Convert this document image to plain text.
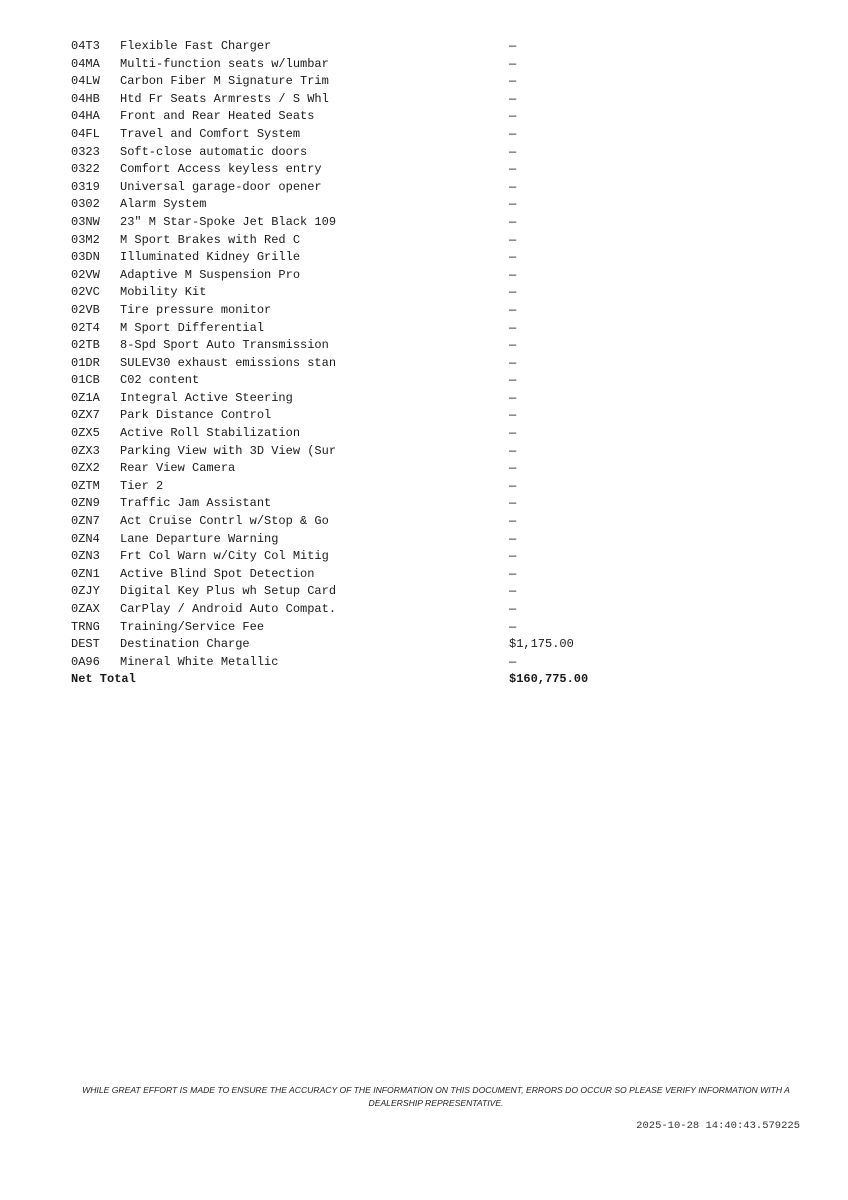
04T3	Flexible Fast Charger	—
04MA	Multi-function seats w/lumbar	—
04LW	Carbon Fiber M Signature Trim	—
04HB	Htd Fr Seats Armrests / S Whl	—
04HA	Front and Rear Heated Seats	—
04FL	Travel and Comfort System	—
0323	Soft-close automatic doors	—
0322	Comfort Access keyless entry	—
0319	Universal garage-door opener	—
0302	Alarm System	—
03NW	23" M Star-Spoke Jet Black 109	—
03M2	M Sport Brakes with Red C	—
03DN	Illuminated Kidney Grille	—
02VW	Adaptive M Suspension Pro	—
02VC	Mobility Kit	—
02VB	Tire pressure monitor	—
02T4	M Sport Differential	—
02TB	8-Spd Sport Auto Transmission	—
01DR	SULEV30 exhaust emissions stan	—
01CB	C02 content	—
0Z1A	Integral Active Steering	—
0ZX7	Park Distance Control	—
0ZX5	Active Roll Stabilization	—
0ZX3	Parking View with 3D View (Sur	—
0ZX2	Rear View Camera	—
0ZTM	Tier 2	—
0ZN9	Traffic Jam Assistant	—
0ZN7	Act Cruise Contrl w/Stop & Go	—
0ZN4	Lane Departure Warning	—
0ZN3	Frt Col Warn w/City Col Mitig	—
0ZN1	Active Blind Spot Detection	—
0ZJY	Digital Key Plus wh Setup Card	—
0ZAX	CarPlay / Android Auto Compat.	—
TRNG	Training/Service Fee	—
DEST	Destination Charge	$1,175.00
0A96	Mineral White Metallic	—
Net Total		$160,775.00
WHILE GREAT EFFORT IS MADE TO ENSURE THE ACCURACY OF THE INFORMATION ON THIS DOCUMENT, ERRORS DO OCCUR SO PLEASE VERIFY INFORMATION WITH A DEALERSHIP REPRESENTATIVE.
2025-10-28 14:40:43.579225
